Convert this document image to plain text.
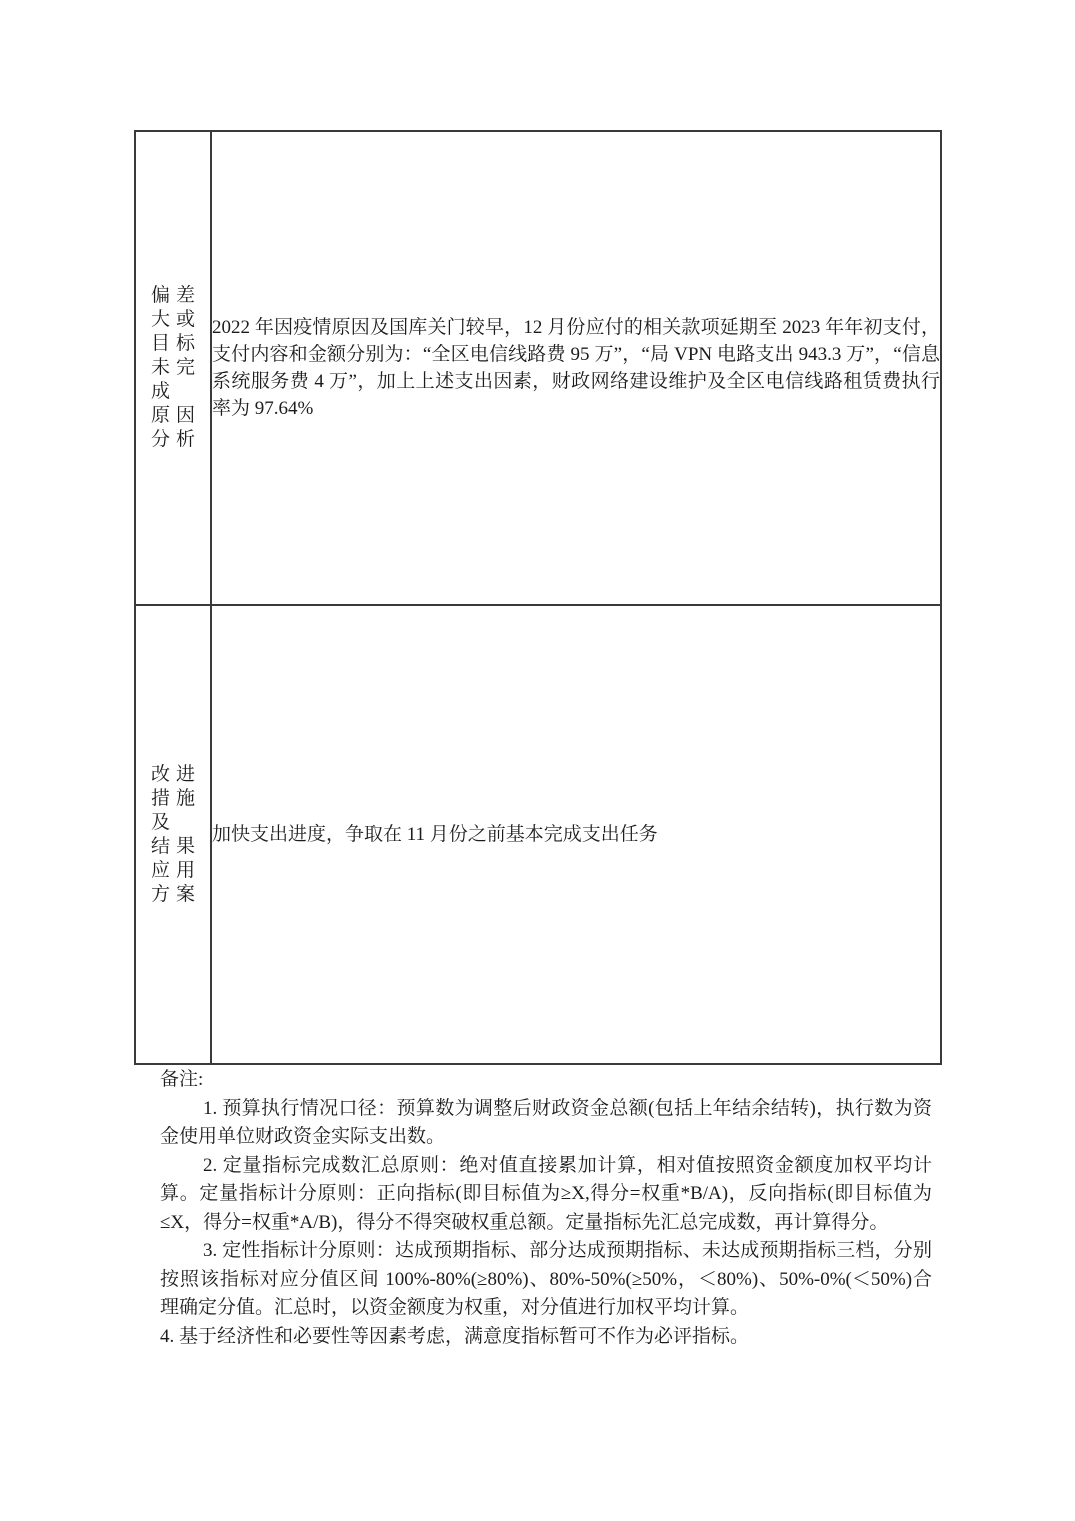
偏 差
大 或
目 标
未 完
成
原 因
分 析
	2022 年因疫情原因及国库关门较早，12 月份应付的相关款项延期至 2023 年年初支付，支付内容和金额分别为：“全区电信线路费 95 万”，“局 VPN 电路支出 943.3 万”，“信息系统服务费 4 万”，加上上述支出因素，财政网络建设维护及全区电信线路租赁费执行率为 97.64%

改 进
措 施
及
结 果
应 用
方 案
	加快支出进度，争取在 11 月份之前基本完成支出任务

备注:

1. 预算执行情况口径：预算数为调整后财政资金总额(包括上年结余结转)，执行数为资金使用单位财政资金实际支出数。

2. 定量指标完成数汇总原则：绝对值直接累加计算，相对值按照资金额度加权平均计算。定量指标计分原则：正向指标(即目标值为≥X,得分=权重*B/A)，反向指标(即目标值为≤X，得分=权重*A/B)，得分不得突破权重总额。定量指标先汇总完成数，再计算得分。

3. 定性指标计分原则：达成预期指标、部分达成预期指标、未达成预期指标三档，分别按照该指标对应分值区间 100%-80%(≥80%)、80%-50%(≥50%，＜80%)、50%-0%(＜50%)合理确定分值。汇总时，以资金额度为权重，对分值进行加权平均计算。

4. 基于经济性和必要性等因素考虑，满意度指标暂可不作为必评指标。
